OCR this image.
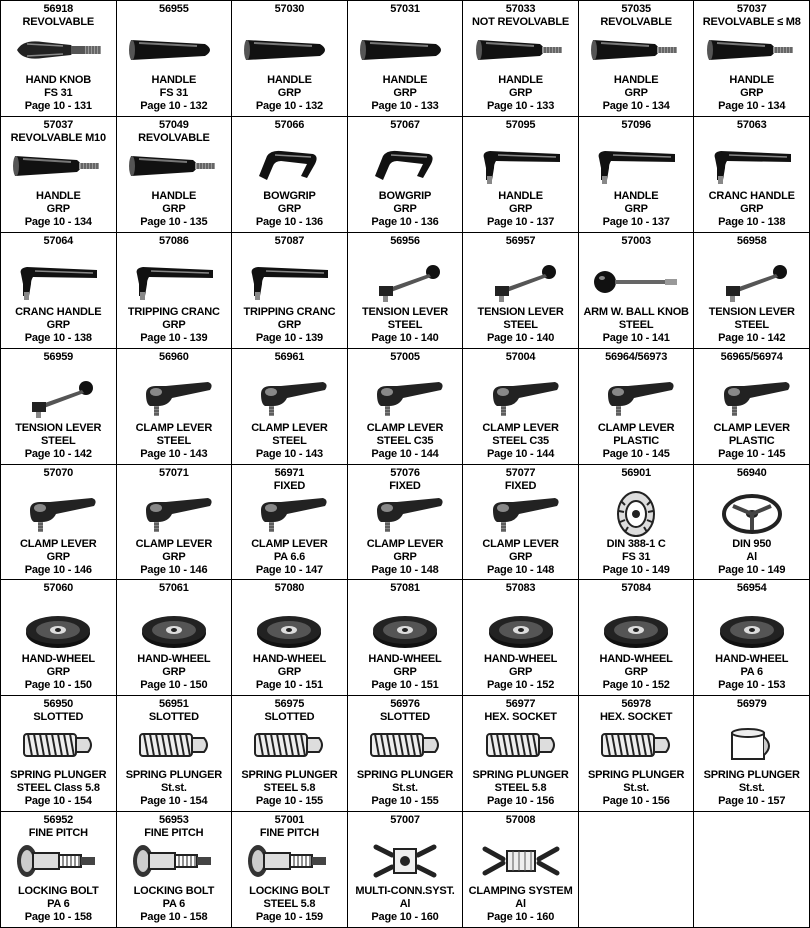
56918
REVOLVABLE
HAND KNOB
FS 31
Page 10 - 131
56955
HANDLE
FS 31
Page 10 - 132
57030
HANDLE
GRP
Page 10 - 132
57031
HANDLE
GRP
Page 10 - 133
57033
NOT REVOLVABLE
HANDLE
GRP
Page 10 - 133
57035
REVOLVABLE
HANDLE
GRP
Page 10 - 134
57037
REVOLVABLE ≤ M8
HANDLE
GRP
Page 10 - 134
57037
REVOLVABLE M10
HANDLE
GRP
Page 10 - 134
57049
REVOLVABLE
HANDLE
GRP
Page 10 - 135
57066
BOWGRIP
GRP
Page 10 - 136
57067
BOWGRIP
GRP
Page 10 - 136
57095
HANDLE
GRP
Page 10 - 137
57096
HANDLE
GRP
Page 10 - 137
57063
CRANC HANDLE
GRP
Page 10 - 138
57064
CRANC HANDLE
GRP
Page 10 - 138
57086
TRIPPING CRANC
GRP
Page 10 - 139
57087
TRIPPING CRANC
GRP
Page 10 - 139
56956
TENSION LEVER
STEEL
Page 10 - 140
56957
TENSION LEVER
STEEL
Page 10 - 140
57003
ARM W. BALL KNOB
STEEL
Page 10 - 141
56958
TENSION LEVER
STEEL
Page 10 - 142
56959
TENSION LEVER
STEEL
Page 10 - 142
56960
CLAMP LEVER
STEEL
Page 10 - 143
56961
CLAMP LEVER
STEEL
Page 10 - 143
57005
CLAMP LEVER
STEEL C35
Page 10 - 144
57004
CLAMP LEVER
STEEL C35
Page 10 - 144
56964/56973
CLAMP LEVER
PLASTIC
Page 10 - 145
56965/56974
CLAMP LEVER
PLASTIC
Page 10 - 145
57070
CLAMP LEVER
GRP
Page 10 - 146
57071
CLAMP LEVER
GRP
Page 10 - 146
56971
FIXED
CLAMP LEVER
PA 6.6
Page 10 - 147
57076
FIXED
CLAMP LEVER
GRP
Page 10 - 148
57077
FIXED
CLAMP LEVER
GRP
Page 10 - 148
56901
DIN 388-1 C
FS 31
Page 10 - 149
56940
DIN 950
Al
Page 10 - 149
57060
HAND-WHEEL
GRP
Page 10 - 150
57061
HAND-WHEEL
GRP
Page 10 - 150
57080
HAND-WHEEL
GRP
Page 10 - 151
57081
HAND-WHEEL
GRP
Page 10 - 151
57083
HAND-WHEEL
GRP
Page 10 - 152
57084
HAND-WHEEL
GRP
Page 10 - 152
56954
HAND-WHEEL
PA 6
Page 10 - 153
56950
SLOTTED
SPRING PLUNGER
STEEL Class 5.8
Page 10 - 154
56951
SLOTTED
SPRING PLUNGER
St.st.
Page 10 - 154
56975
SLOTTED
SPRING PLUNGER
STEEL 5.8
Page 10 - 155
56976
SLOTTED
SPRING PLUNGER
St.st.
Page 10 - 155
56977
HEX. SOCKET
SPRING PLUNGER
STEEL 5.8
Page 10 - 156
56978
HEX. SOCKET
SPRING PLUNGER
St.st.
Page 10 - 156
56979
SPRING PLUNGER
St.st.
Page 10 - 157
56952
FINE PITCH
LOCKING BOLT
PA 6
Page 10 - 158
56953
FINE PITCH
LOCKING BOLT
PA 6
Page 10 - 158
57001
FINE PITCH
LOCKING BOLT
STEEL 5.8
Page 10 - 159
57007
MULTI-CONN.SYST.
Al
Page 10 - 160
57008
CLAMPING SYSTEM
Al
Page 10 - 160
